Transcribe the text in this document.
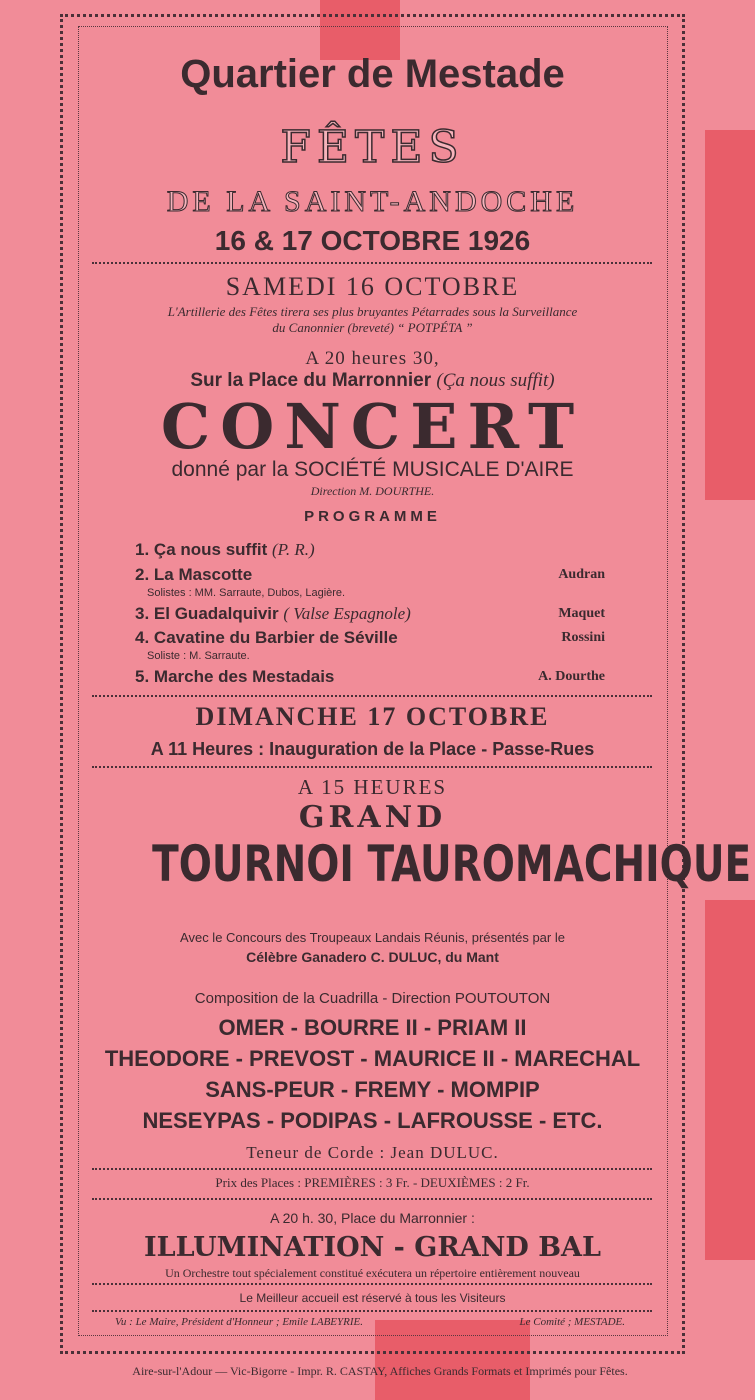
Quartier de Mestade
FÊTES
DE LA SAINT-ANDOCHE
16 & 17 OCTOBRE 1926
SAMEDI 16 OCTOBRE
L'Artillerie des Fêtes tirera ses plus bruyantes Pétarrades sous la Surveillance
du Canonnier (breveté) “ POTPÉTA ”
A 20 heures 30,
Sur la Place du Marronnier (Ça nous suffit)
CONCERT
donné par la SOCIÉTÉ MUSICALE D'AIRE
Direction M. DOURTHE.
PROGRAMME
1. Ça nous suffit (P. R.)
2. La Mascotte	Audran
Solistes : MM. Sarraute, Dubos, Lagière.
3. El Guadalquivir ( Valse Espagnole)	Maquet
4. Cavatine du Barbier de Séville	Rossini
Soliste : M. Sarraute.
5. Marche des Mestadais	A. Dourthe
DIMANCHE 17 OCTOBRE
A 11 Heures : Inauguration de la Place - Passe-Rues
A 15 HEURES
GRAND
TOURNOI TAUROMACHIQUE
Avec le Concours des Troupeaux Landais Réunis, présentés par le
Célèbre Ganadero C. DULUC, du Mant
Composition de la Cuadrilla - Direction POUTOUTON
OMER - BOURRE II - PRIAM II
THEODORE - PREVOST - MAURICE II - MARECHAL
SANS-PEUR - FREMY - MOMPIP
NESEYPAS - PODIPAS - LAFROUSSE - ETC.
Teneur de Corde : Jean DULUC.
Prix des Places : PREMIÈRES : 3 Fr. - DEUXIÈMES : 2 Fr.
A 20 h. 30, Place du Marronnier :
ILLUMINATION - GRAND BAL
Un Orchestre tout spécialement constitué exécutera un répertoire entièrement nouveau
Le Meilleur accueil est réservé à tous les Visiteurs
Vu : Le Maire, Président d'Honneur ; Emile LABEYRIE.	Le Comité ; MESTADE.
Aire-sur-l'Adour — Vic-Bigorre - Impr. R. CASTAY, Affiches Grands Formats et Imprimés pour Fêtes.
